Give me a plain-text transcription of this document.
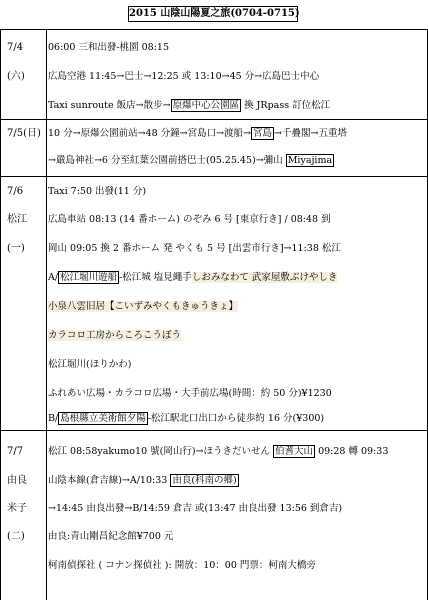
2015 山陰山陽夏之旅(0704-0715)
7/4
(六)
06:00 三和出發-桃園 08:15
広島空港 11:45→巴士→12:25 或 13:10→45 分→広島巴士中心
Taxi sunroute 飯店→散步→ 原爆中心公園區 換 JRpass 訂位松江
7/5(日) 10 分→原爆公園前站→48 分鐘→宮島口→渡船→ 宮島 →千疊閣→五重塔
→嚴島神社→6 分至紅葉公園前搭巴士(05.25.45)→彌山 Miyajima
7/6
松江
(一)
Taxi 7:50 出發(11 分)
広島車站 08:13 (14 番ホーム) のぞみ 6 号 [東京行き] / 08:48 到
岡山 09:05 換 2 番ホーム 発 やくも 5 号 [出雲市行き]→11:38 松江
A/ 松江堀川遊船 -松江城 塩見繩手しおみなわて 武家屋敷ぶけやしき
小泉八雲旧居【こいずみやくもきゅうきょ】
カラコロ工房からころこうぼう
松江堀川(ほりかわ)
ふれあい広場・カラコロ広場・大手前広場(時間：約 50 分)¥1230
B/ 島根縣立美術館夕陽 -松江駅北口出口から徒歩約 16 分(¥300)
7/7
由良
米子
(二)
松江 08:58yakumo10 號(岡山行)→ほうきだいせん 伯耆大山 09:28 轉 09:33
山陰本線(倉吉線)→A/10:33 由良(科南の郷)
→14:45 由良出發→B/14:59 倉吉 或(13:47 由良出發 13:56 到倉吉)
由良:青山剛昌紀念館¥700 元
柯南偵探社 ( コナン探偵社 ): 開放：10：00 門票：柯南大橋旁
